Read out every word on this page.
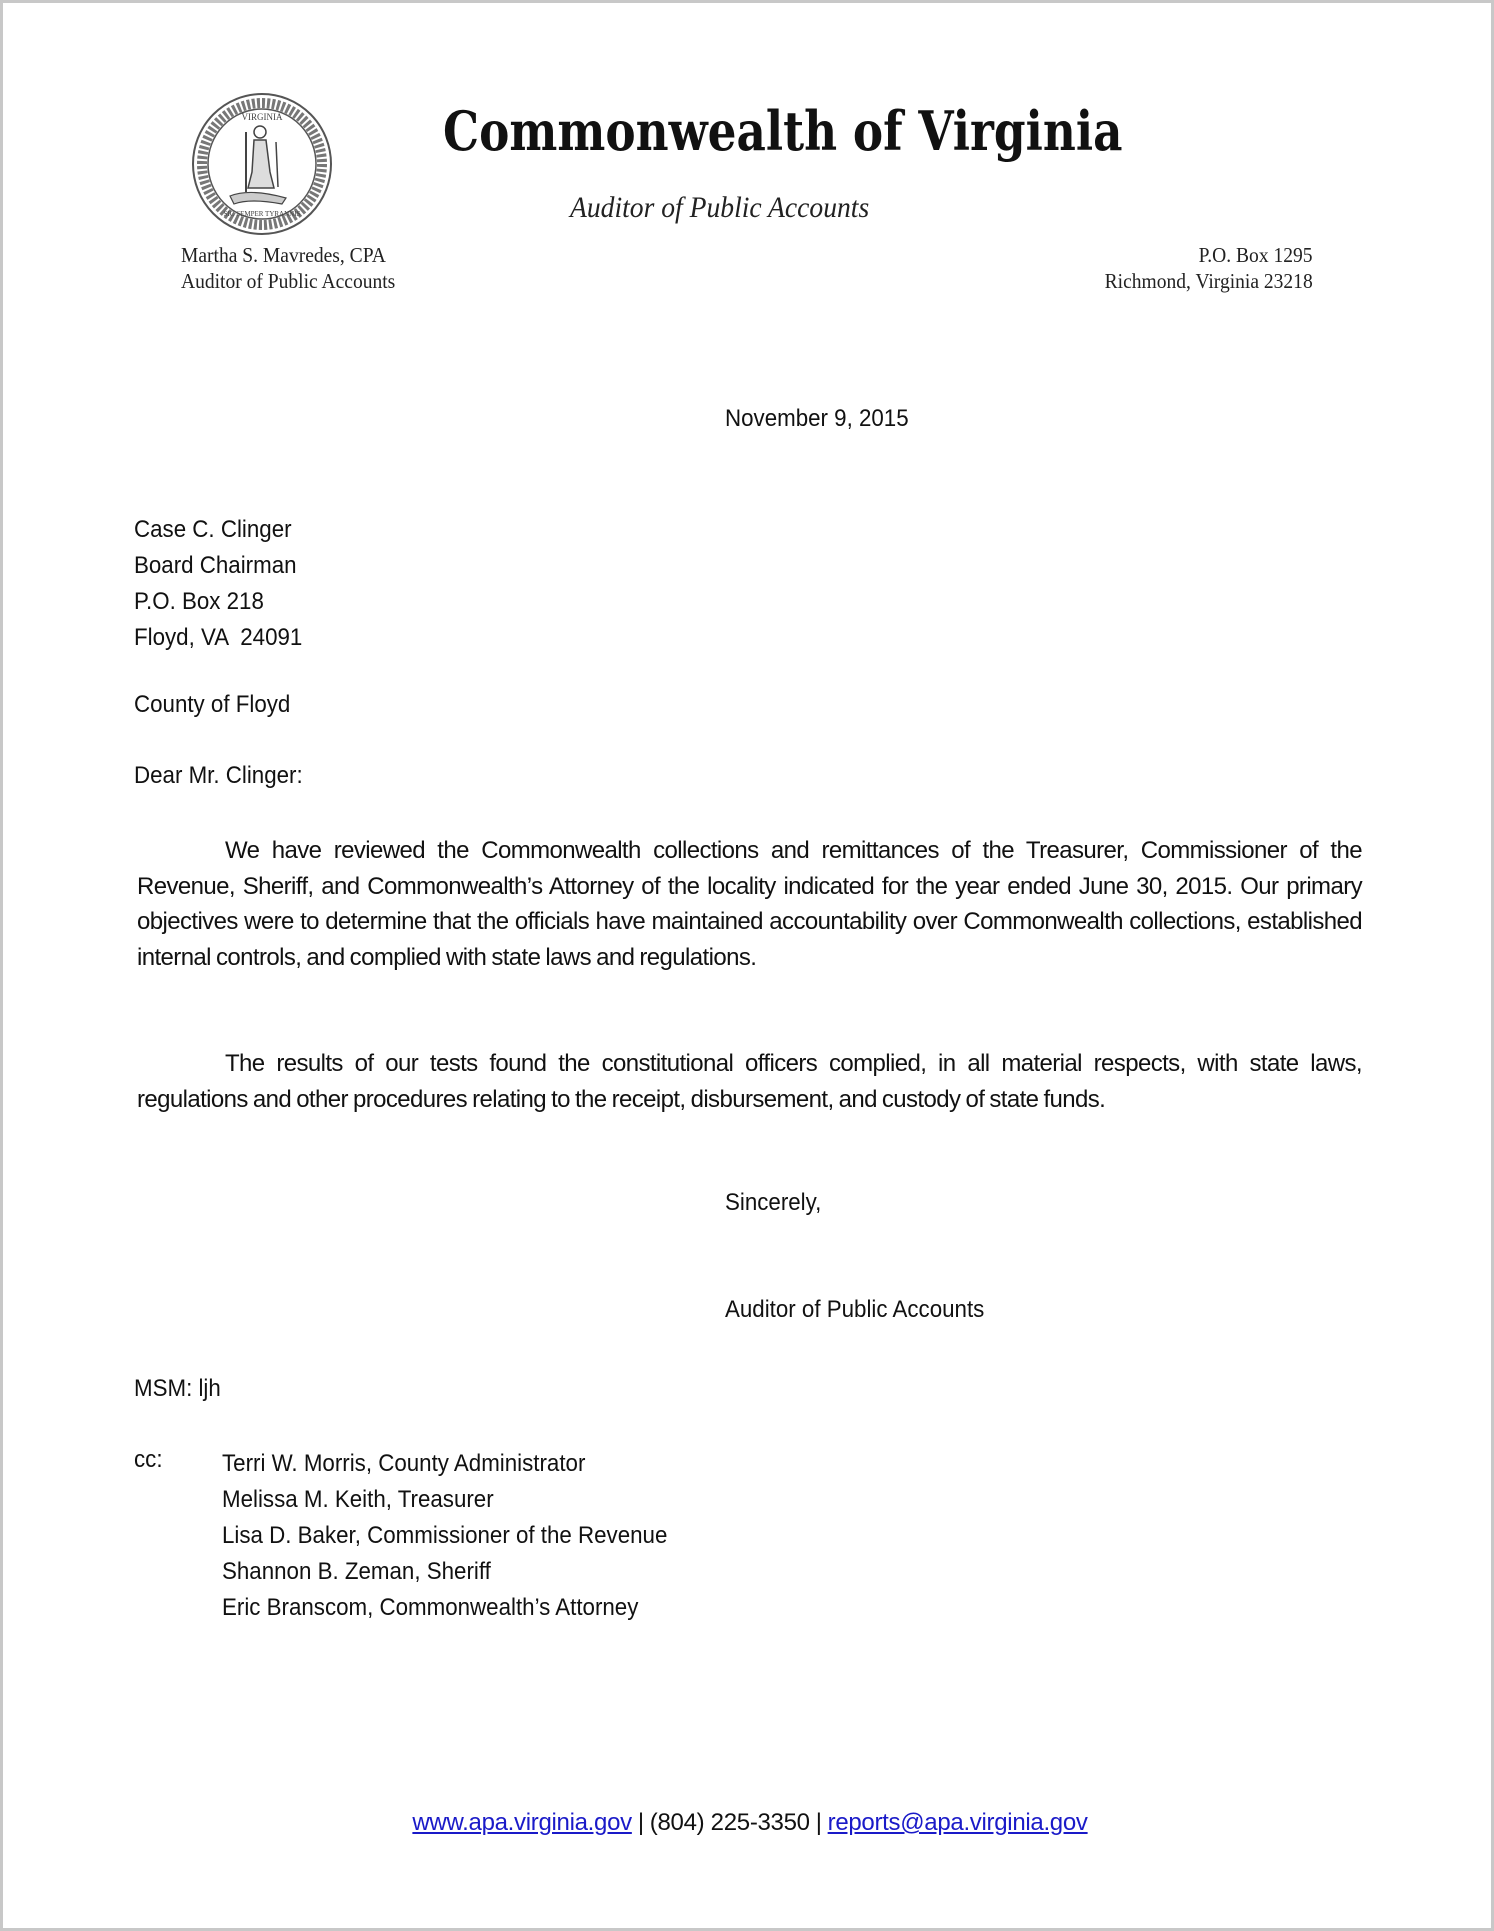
VIRGINIA
SIC SEMPER TYRANNIS
Commonwealth of Virginia
Auditor of Public Accounts
Martha S. Mavredes, CPA
Auditor of Public Accounts
P.O. Box 1295
Richmond, Virginia 23218
November 9, 2015
Case C. Clinger
Board Chairman
P.O. Box 218
Floyd, VA  24091
County of Floyd
Dear Mr. Clinger:
We have reviewed the Commonwealth collections and remittances of the Treasurer, Commissioner of the Revenue, Sheriff, and Commonwealth’s Attorney of the locality indicated for the year ended June 30, 2015. Our primary objectives were to determine that the officials have maintained accountability over Commonwealth collections, established internal controls, and complied with state laws and regulations.
The results of our tests found the constitutional officers complied, in all material respects, with state laws, regulations and other procedures relating to the receipt, disbursement, and custody of state funds.
Sincerely,
Auditor of Public Accounts
MSM: ljh
cc: Terri W. Morris, County Administrator
Melissa M. Keith, Treasurer
Lisa D. Baker, Commissioner of the Revenue
Shannon B. Zeman, Sheriff
Eric Branscom, Commonwealth’s Attorney
www.apa.virginia.gov | (804) 225-3350 | reports@apa.virginia.gov
